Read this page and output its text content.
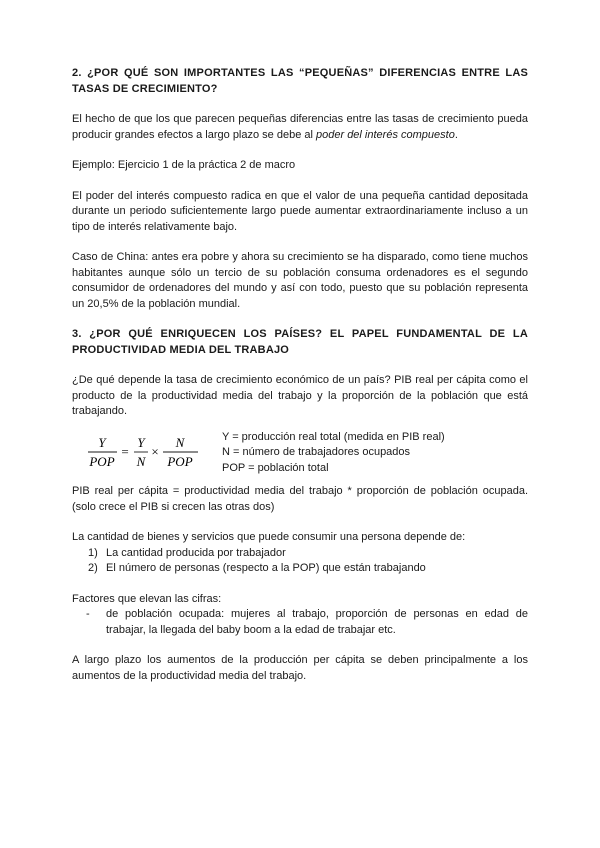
2. ¿POR QUÉ SON IMPORTANTES LAS “PEQUEÑAS” DIFERENCIAS ENTRE LAS TASAS DE CRECIMIENTO?

El hecho de que los que parecen pequeñas diferencias entre las tasas de crecimiento pueda producir grandes efectos a largo plazo se debe al poder del interés compuesto.

Ejemplo: Ejercicio 1 de la práctica 2 de macro

El poder del interés compuesto radica en que el valor de una pequeña cantidad depositada durante un periodo suficientemente largo puede aumentar extraordinariamente incluso a un tipo de interés relativamente bajo.

Caso de China: antes era pobre y ahora su crecimiento se ha disparado, como tiene muchos habitantes aunque sólo un tercio de su población consuma ordenadores es el segundo consumidor de ordenadores del mundo y así con todo, puesto que su población representa un 20,5% de la población mundial.

3. ¿POR QUÉ ENRIQUECEN LOS PAÍSES? EL PAPEL FUNDAMENTAL DE LA PRODUCTIVIDAD MEDIA DEL TRABAJO

¿De qué depende la tasa de crecimiento económico de un país? PIB real per cápita como el producto de la productividad media del trabajo y la proporción de la población que está trabajando.

Y
POP
=
Y
N
×
N
POP
Y = producción real total (medida en PIB real)
N = número de trabajadores ocupados
POP = población total

PIB real per cápita = productividad media del trabajo * proporción de población ocupada. (solo crece el PIB si crecen las otras dos)

La cantidad de bienes y servicios que puede consumir una persona depende de:

1) La cantidad producida por trabajador
2) El número de personas (respecto a la POP) que están trabajando

Factores que elevan las cifras:

- de población ocupada: mujeres al trabajo, proporción de personas en edad de trabajar, la llegada del baby boom a la edad de trabajar etc.

A largo plazo los aumentos de la producción per cápita se deben principalmente a los aumentos de la productividad media del trabajo.
